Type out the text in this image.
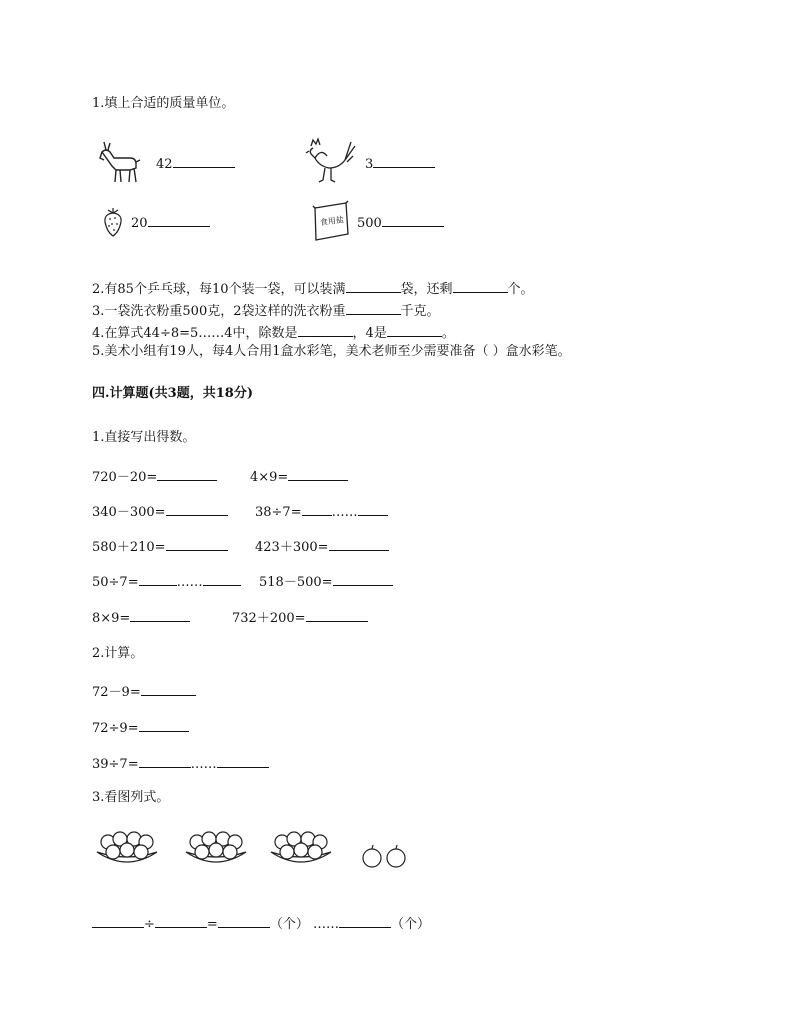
1.填上合适的质量单位。
42	3
20	食用盐 500
2.有85个乒乓球，每10个装一袋，可以装满	袋，还剩	个。
3.一袋洗衣粉重500克，2袋这样的洗衣粉重	千克。
4.在算式44÷8=5……4中，除数是	，4是	。
5.美术小组有19人，每4人合用1盒水彩笔，美术老师至少需要准备（ ）盒水彩笔。
四.计算题(共3题，共18分)
1.直接写出得数。
720－20=	4×9=
340－300=	38÷7= ……
580＋210=	423＋300=
50÷7=	……	518－500=
8×9=	732＋200=
2.计算。
72－9=
72÷9=
39÷7=	……
3.看图列式。
÷	=	（个） ……	（个）
